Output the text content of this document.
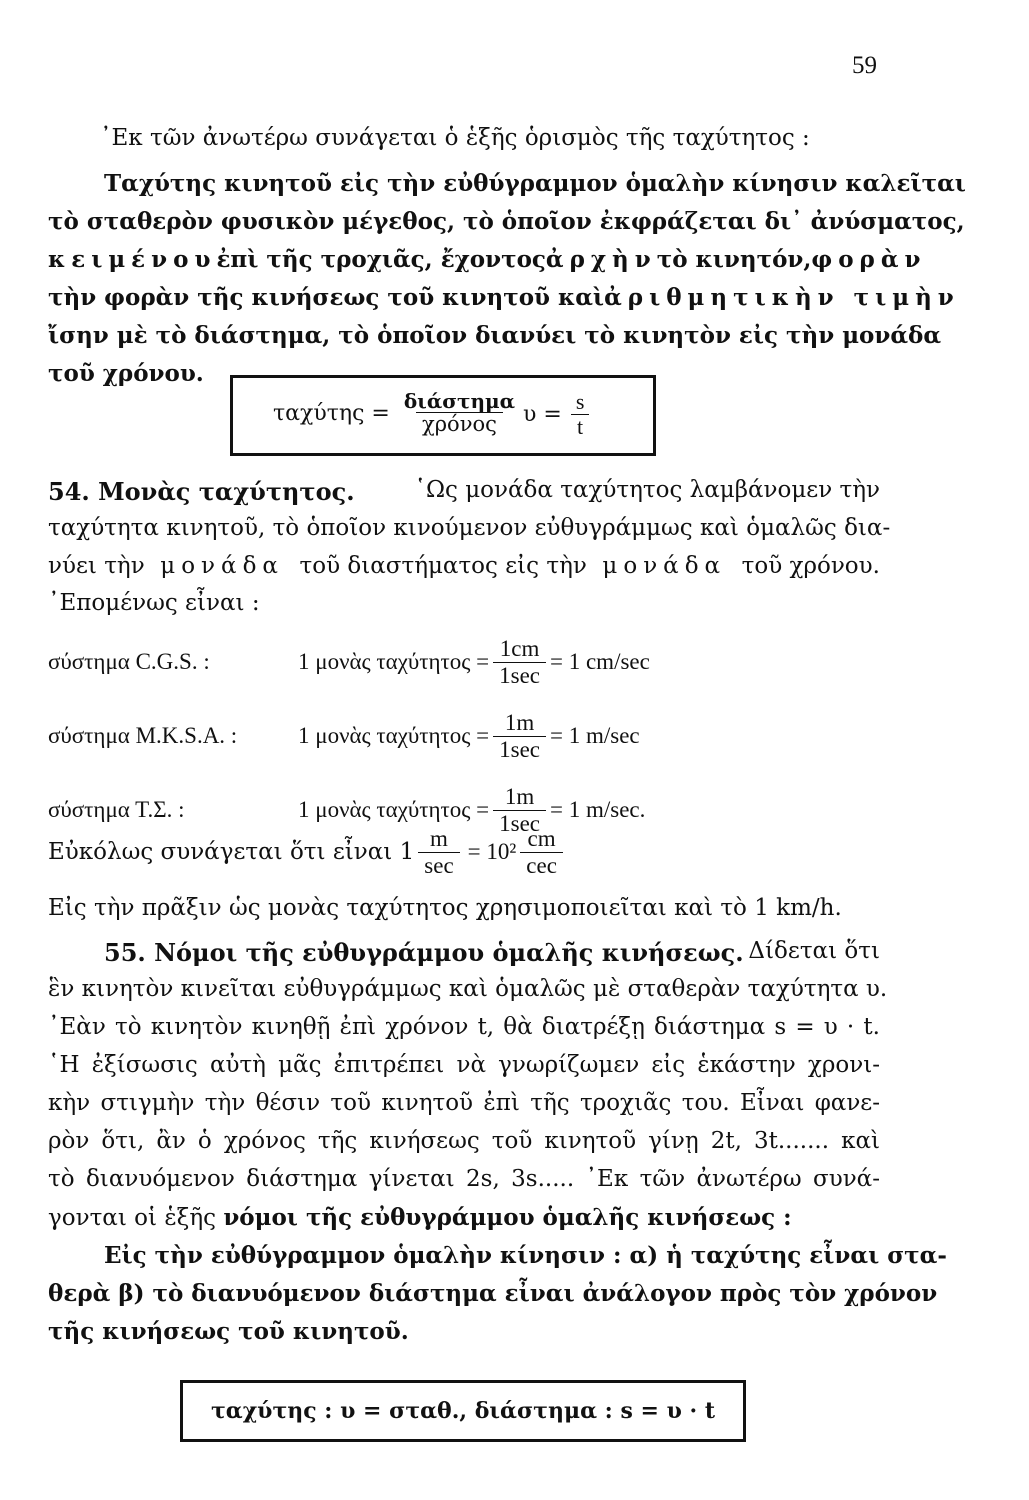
59
᾿Εκ τῶν ἀνωτέρω συνάγεται ὁ ἑξῆς ὁρισμὸς τῆς ταχύτητος :
Ταχύτης κινητοῦ εἰς τὴν εὐθύγραμμον ὁμαλὴν κίνησιν καλεῖται
τὸ σταθερὸν φυσικὸν μέγεθος, τὸ ὁποῖον ἐκφράζεται δι᾿ ἀνύσματος,
κειμένου ἐπὶ τῆς τροχιᾶς, ἔχοντος ἀρχὴν τὸ κινητόν, φορὰν
τὴν φορὰν τῆς κινήσεως τοῦ κινητοῦ καὶ ἀριθμητικὴν τιμὴν
ἴσην μὲ τὸ διάστημα, τὸ ὁποῖον διανύει τὸ κινητὸν εἰς τὴν μονάδα
τοῦ χρόνου.
$\tau\alpha\chi ύ\tau\eta\varsigma = \frac{\text{διάστημα}}{\text{χρόνος}}$ $\upsilon = \frac{s}{t}$
54. Μονὰς ταχύτητος.	῾Ως μονάδα ταχύτητος λαμβάνομεν τὴν
ταχύτητα κινητοῦ, τὸ ὁποῖον κινούμενον εὐθυγράμμως καὶ ὁμαλῶς δια-
νύει τὴν μονάδα τοῦ διαστήματος εἰς τὴν μονάδα τοῦ χρόνου.
᾿Επομένως εἶναι :
σύστημα C.G.S. :	1 μονὰς $\tau\alpha\chi ύ\tau\eta\tau o\varsigma = \frac{1cm}{1\sec} = 1$ cm/sec
σύστημα M.K.S.A. :	1 μονὰς $\tau\alpha\chi ύ\tau\eta\tau o\varsigma = \frac{1m}{1\sec} = 1$ m/sec
σύστημα Τ.Σ. :	1 μονὰς $\tau\alpha\chi ύ\tau\eta\tau o\varsigma = \frac{1m}{1\sec} = 1$ m/sec.
Εὐκόλως συνάγεται ὅτι εἶναι $1 \frac{m}{\sec} = 10^2 \frac{cm}{\text{cec}}$
Εἰς τὴν πρᾶξιν ὡς μονὰς ταχύτητος χρησιμοποιεῖται καὶ τὸ 1 km/h.
55. Νόμοι τῆς εὐθυγράμμου ὁμαλῆς κινήσεως. Δίδεται ὅτι
ἓν κινητὸν κινεῖται εὐθυγράμμως καὶ ὁμαλῶς μὲ σταθερὰν ταχύτητα υ.
᾿Εὰν τὸ κινητὸν κινηθῇ ἐπὶ χρόνον t, θὰ διατρέξῃ διάστημα s = υ · t.
῾Η ἐξίσωσις αὐτὴ μᾶς ἐπιτρέπει νὰ γνωρίζωμεν εἰς ἑκάστην χρονι-
κὴν στιγμὴν τὴν θέσιν τοῦ κινητοῦ ἐπὶ τῆς τροχιᾶς του. Εἶναι φανε-
ρὸν ὅτι, ἂν ὁ χρόνος τῆς κινήσεως τοῦ κινητοῦ γίνῃ 2t, 3t....... καὶ
τὸ διανυόμενον διάστημα γίνεται 2s, 3s..... ᾿Εκ τῶν ἀνωτέρω συνά-
γονται οἱ ἑξῆς νόμοι τῆς εὐθυγράμμου ὁμαλῆς κινήσεως :
Εἰς τὴν εὐθύγραμμον ὁμαλὴν κίνησιν : α) ἡ ταχύτης εἶναι στα-
θερὰ β) τὸ διανυόμενον διάστημα εἶναι ἀνάλογον πρὸς τὸν χρόνον
τῆς κινήσεως τοῦ κινητοῦ.
ταχύτης : υ = σταθ., διάστημα : s = υ · t
